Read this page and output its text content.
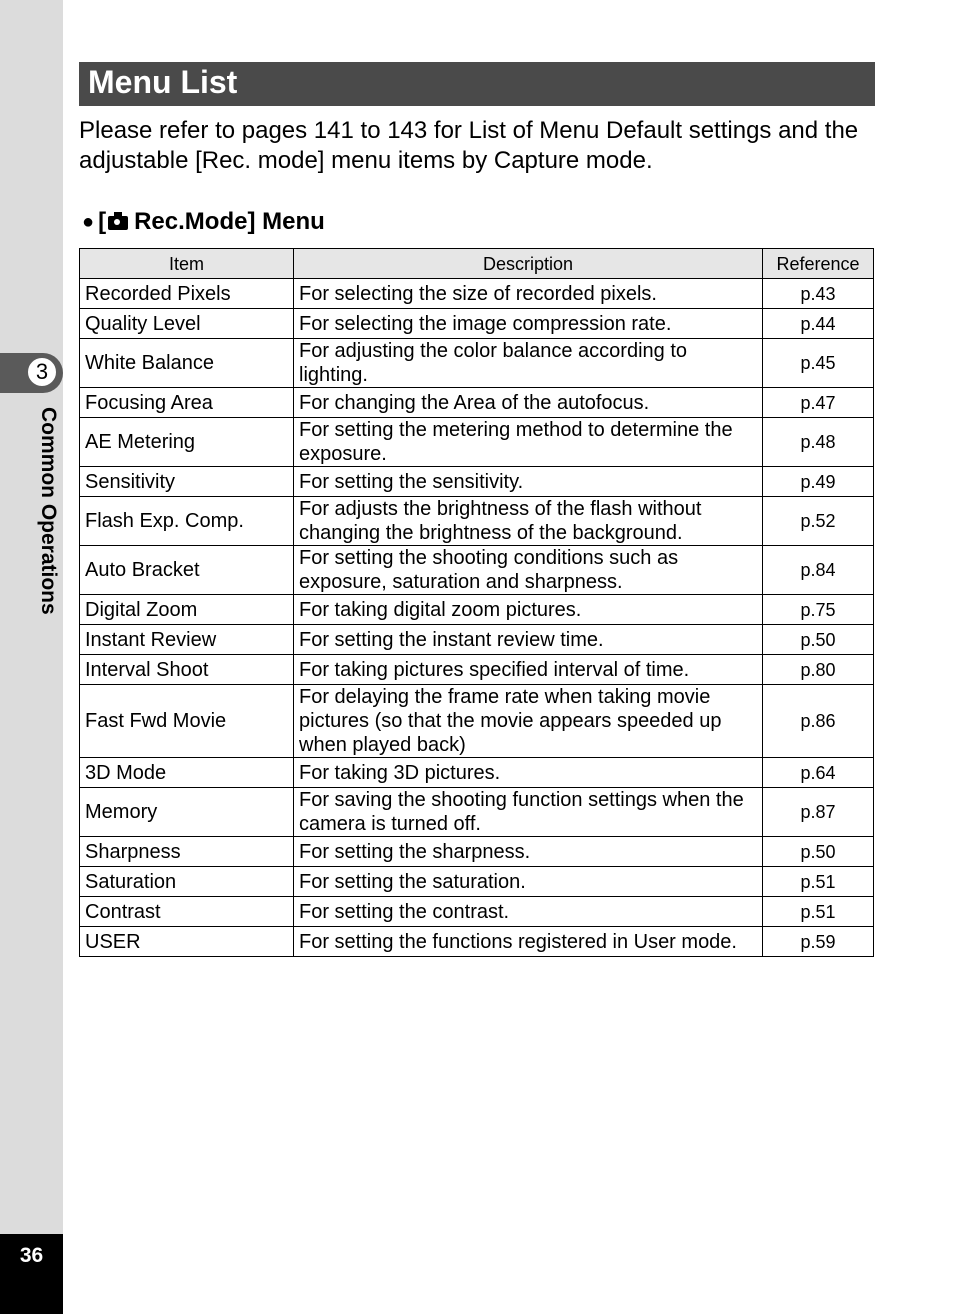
3
Common Operations
36
Menu List
Please refer to pages 141 to 143 for List of Menu Default settings and the adjustable [Rec. mode] menu items by Capture mode.
● [ Rec.Mode] Menu
Item	Description	Reference
Recorded Pixels	For selecting the size of recorded pixels.	p.43
Quality Level	For selecting the image compression rate.	p.44
White Balance	For adjusting the color balance according to lighting.	p.45
Focusing Area	For changing the Area of the autofocus.	p.47
AE Metering	For setting the metering method to determine the exposure.	p.48
Sensitivity	For setting the sensitivity.	p.49
Flash Exp. Comp.	For adjusts the brightness of the flash without changing the brightness of the background.	p.52
Auto Bracket	For setting the shooting conditions such as exposure, saturation and sharpness.	p.84
Digital Zoom	For taking digital zoom pictures.	p.75
Instant Review	For setting the instant review time.	p.50
Interval Shoot	For taking pictures specified interval of time.	p.80
Fast Fwd Movie	For delaying the frame rate when taking movie pictures (so that the movie appears speeded up when played back)	p.86
3D Mode	For taking 3D pictures.	p.64
Memory	For saving the shooting function settings when the camera is turned off.	p.87
Sharpness	For setting the sharpness.	p.50
Saturation	For setting the saturation.	p.51
Contrast	For setting the contrast.	p.51
USER	For setting the functions registered in User mode.	p.59
